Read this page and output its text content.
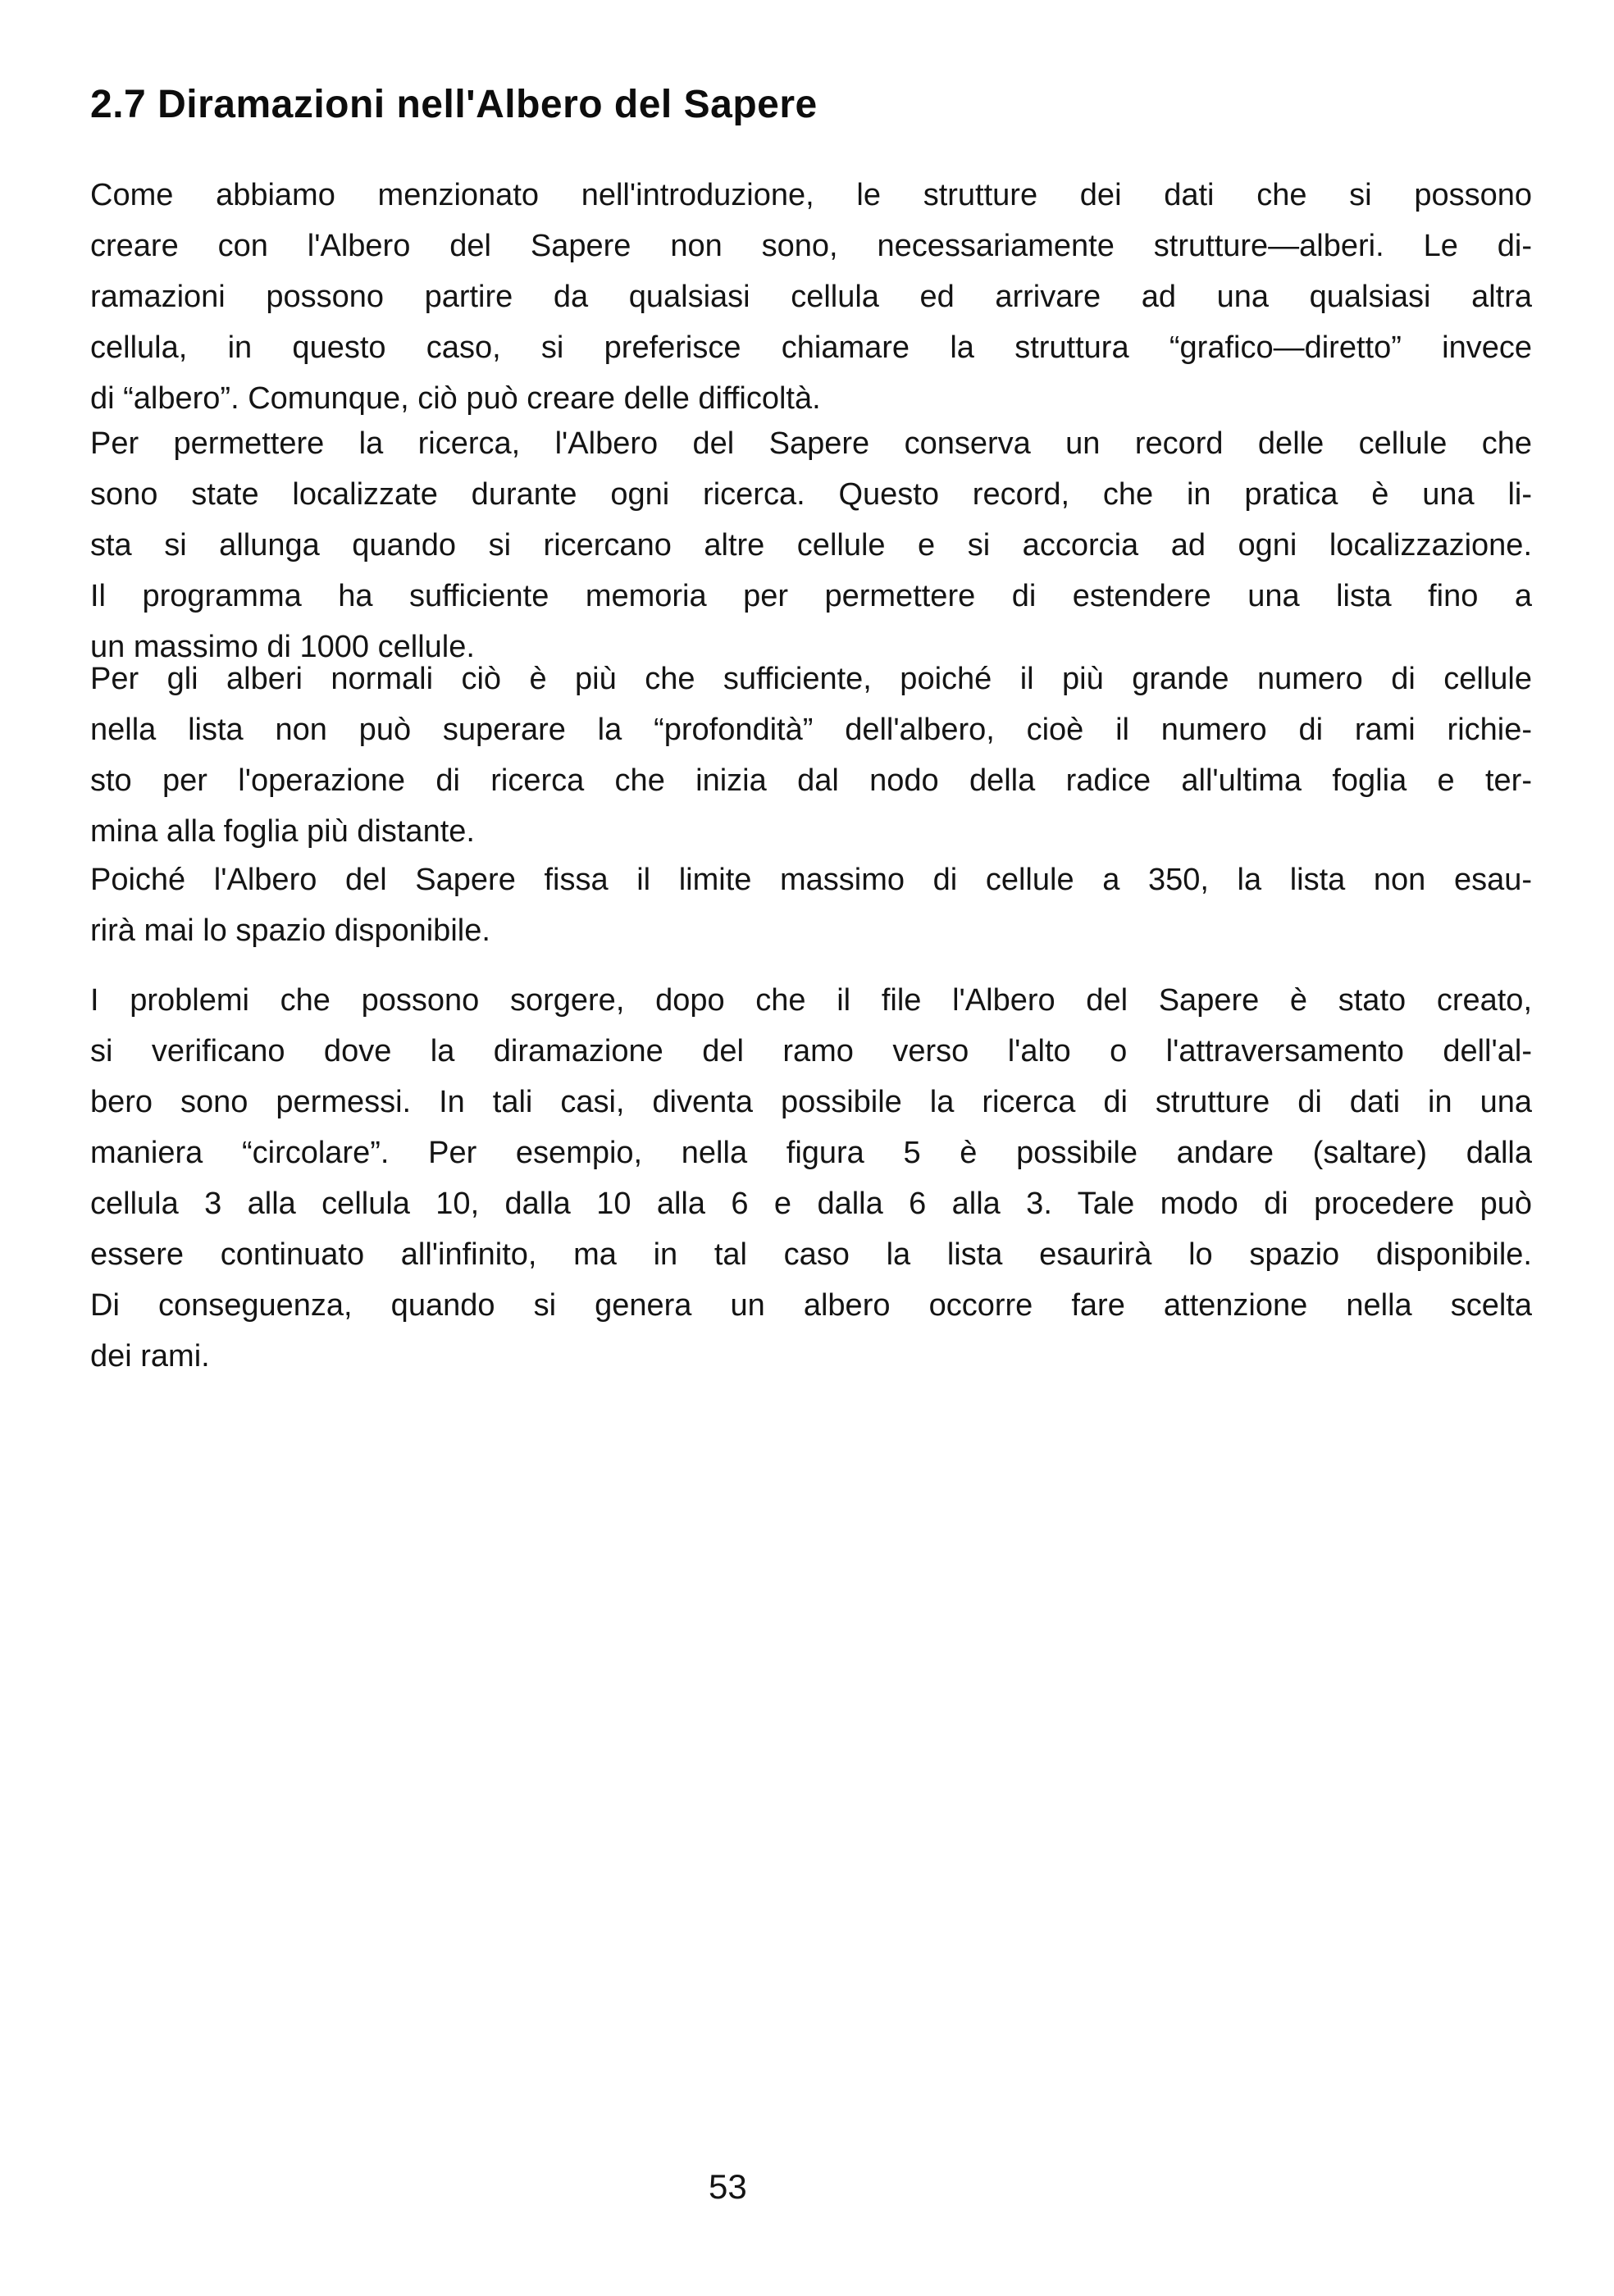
2.7 Diramazioni nell'Albero del Sapere
Come abbiamo menzionato nell'introduzione, le strutture dei dati che si possono
creare con l'Albero del Sapere non sono, necessariamente strutture—alberi. Le di-
ramazioni possono partire da qualsiasi cellula ed arrivare ad una qualsiasi altra
cellula, in questo caso, si preferisce chiamare la struttura “grafico—diretto” invece
di “albero”. Comunque, ciò può creare delle difficoltà.
Per permettere la ricerca, l'Albero del Sapere conserva un record delle cellule che
sono state localizzate durante ogni ricerca. Questo record, che in pratica è una li-
sta si allunga quando si ricercano altre cellule e si accorcia ad ogni localizzazione.
Il programma ha sufficiente memoria per permettere di estendere una lista fino a
un massimo di 1000 cellule.
Per gli alberi normali ciò è più che sufficiente, poiché il più grande numero di cellule
nella lista non può superare la “profondità” dell'albero, cioè il numero di rami richie-
sto per l'operazione di ricerca che inizia dal nodo della radice all'ultima foglia e ter-
mina alla foglia più distante.
Poiché l'Albero del Sapere fissa il limite massimo di cellule a 350, la lista non esau-
rirà mai lo spazio disponibile.
I problemi che possono sorgere, dopo che il file l'Albero del Sapere è stato creato,
si verificano dove la diramazione del ramo verso l'alto o l'attraversamento dell'al-
bero sono permessi. In tali casi, diventa possibile la ricerca di strutture di dati in una
maniera “circolare”. Per esempio, nella figura 5 è possibile andare (saltare) dalla
cellula 3 alla cellula 10, dalla 10 alla 6 e dalla 6 alla 3. Tale modo di procedere può
essere continuato all'infinito, ma in tal caso la lista esaurirà lo spazio disponibile.
Di conseguenza, quando si genera un albero occorre fare attenzione nella scelta
dei rami.
53
